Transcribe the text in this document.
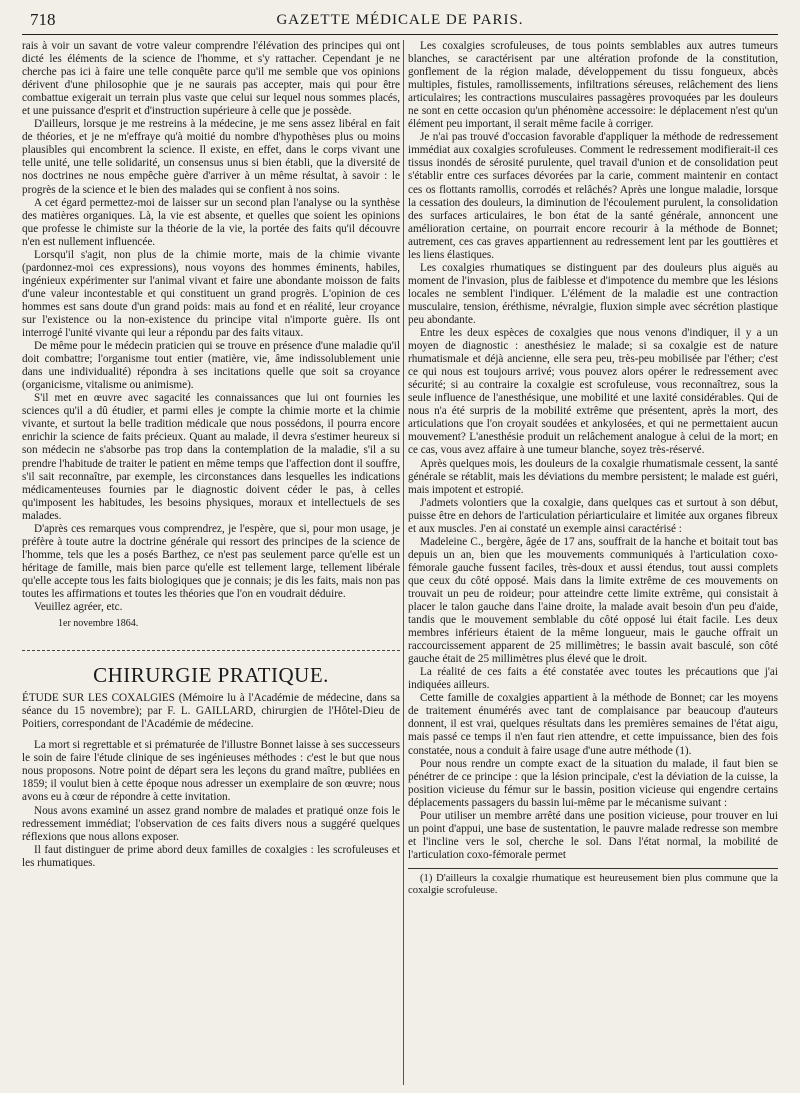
718	GAZETTE MÉDICALE DE PARIS.

rais à voir un savant de votre valeur comprendre l'élévation des principes qui ont dicté les éléments de la science de l'homme, et s'y rattacher. Cependant je ne cherche pas ici à faire une telle conquête parce qu'il me semble que vos opinions dérivent d'une philosophie que je ne saurais pas accepter, mais qui pour être combattue exigerait un terrain plus vaste que celui sur lequel nous sommes placés, et une puissance d'esprit et d'instruction supérieure à celle que je possède.

D'ailleurs, lorsque je me restreins à la médecine, je me sens assez libéral en fait de théories, et je ne m'effraye qu'à moitié du nombre d'hypothèses plus ou moins plausibles qui encombrent la science. Il existe, en effet, dans le corps vivant une telle unité, une telle solidarité, un consensus unus si bien établi, que la diversité de nos doctrines ne nous empêche guère d'arriver à un même résultat, à savoir : le progrès de la science et le bien des malades qui se confient à nos soins.

A cet égard permettez-moi de laisser sur un second plan l'analyse ou la synthèse des matières organiques. Là, la vie est absente, et quelles que soient les opinions que professe le chimiste sur la théorie de la vie, la portée des faits qu'il découvre n'en est nullement influencée.

Lorsqu'il s'agit, non plus de la chimie morte, mais de la chimie vivante (pardonnez-moi ces expressions), nous voyons des hommes éminents, habiles, ingénieux expérimenter sur l'animal vivant et faire une abondante moisson de faits d'une valeur incontestable et qui constituent un grand progrès. L'opinion de ces hommes est sans doute d'un grand poids: mais au fond et en réalité, leur croyance sur l'existence ou la non-existence du principe vital n'importe guère. Ils ont interrogé l'unité vivante qui leur a répondu par des faits vitaux.

De même pour le médecin praticien qui se trouve en présence d'une maladie qu'il doit combattre; l'organisme tout entier (matière, vie, âme indissolublement unie dans une individualité) répondra à ses incitations quelle que soit sa croyance (organicisme, vitalisme ou animisme).

S'il met en œuvre avec sagacité les connaissances que lui ont fournies les sciences qu'il a dû étudier, et parmi elles je compte la chimie morte et la chimie vivante, et surtout la belle tradition médicale que nous possédons, il pourra encore enrichir la science de faits précieux. Quant au malade, il devra s'estimer heureux si son médecin ne s'absorbe pas trop dans la contemplation de la maladie, s'il a su prendre l'habitude de traiter le patient en même temps que l'affection dont il souffre, s'il sait reconnaître, par exemple, les circonstances dans lesquelles les indications médicamenteuses fournies par le diagnostic doivent céder le pas, à celles qu'imposent les habitudes, les besoins physiques, moraux et intellectuels de ses malades.

D'après ces remarques vous comprendrez, je l'espère, que si, pour mon usage, je préfère à toute autre la doctrine générale qui ressort des principes de la science de l'homme, tels que les a posés Barthez, ce n'est pas seulement parce qu'elle est un héritage de famille, mais bien parce qu'elle est tellement large, tellement libérale qu'elle accepte tous les faits biologiques que je connais; je dis les faits, mais non pas toutes les affirmations et toutes les théories que l'on en voudrait déduire.

Veuillez agréer, etc.

1er novembre 1864.
CHIRURGIE PRATIQUE.

ÉTUDE SUR LES COXALGIES (Mémoire lu à l'Académie de médecine, dans sa séance du 15 novembre); par F. L. GAILLARD, chirurgien de l'Hôtel-Dieu de Poitiers, correspondant de l'Académie de médecine.

La mort si regrettable et si prématurée de l'illustre Bonnet laisse à ses successeurs le soin de faire l'étude clinique de ses ingénieuses méthodes : c'est le but que nous nous proposons. Notre point de départ sera les leçons du grand maître, publiées en 1859; il voulut bien à cette époque nous adresser un exemplaire de son œuvre; nous avons eu à cœur de répondre à cette invitation.

Nous avons examiné un assez grand nombre de malades et pratiqué onze fois le redressement immédiat; l'observation de ces faits divers nous a suggéré quelques réflexions que nous allons exposer.

Il faut distinguer de prime abord deux familles de coxalgies : les scrofuleuses et les rhumatiques.

Les coxalgies scrofuleuses, de tous points semblables aux autres tumeurs blanches, se caractérisent par une altération profonde de la constitution, gonflement de la région malade, développement du tissu fongueux, abcès multiples, fistules, ramollissements, infiltrations séreuses, relâchement des liens articulaires; les contractions musculaires passagères provoquées par les douleurs ne sont en cette occasion qu'un phénomène accessoire: le déplacement n'est qu'un élément peu important, il serait même facile à corriger.

Je n'ai pas trouvé d'occasion favorable d'appliquer la méthode de redressement immédiat aux coxalgies scrofuleuses. Comment le redressement modifierait-il ces tissus inondés de sérosité purulente, quel travail d'union et de consolidation peut s'établir entre ces surfaces dévorées par la carie, comment maintenir en contact ces os flottants ramollis, corrodés et relâchés? Après une longue maladie, lorsque la cessation des douleurs, la diminution de l'écoulement purulent, la consolidation des surfaces articulaires, le bon état de la santé générale, annoncent une amélioration certaine, on pourrait encore recourir à la méthode de Bonnet; autrement, ces cas graves appartiennent au redressement lent par les gouttières et les liens élastiques.

Les coxalgies rhumatiques se distinguent par des douleurs plus aiguës au moment de l'invasion, plus de faiblesse et d'impotence du membre que les lésions locales ne semblent l'indiquer. L'élément de la maladie est une contraction musculaire, tension, éréthisme, névralgie, fluxion simple avec sécrétion plastique peu abondante.

Entre les deux espèces de coxalgies que nous venons d'indiquer, il y a un moyen de diagnostic : anesthésiez le malade; si sa coxalgie est de nature rhumatismale et déjà ancienne, elle sera peu, très-peu mobilisée par l'éther; c'est ce qui nous est toujours arrivé; vous pouvez alors opérer le redressement avec sécurité; si au contraire la coxalgie est scrofuleuse, vous reconnaîtrez, sous la seule influence de l'anesthésique, une mobilité et une laxité considérables. Qui de nous n'a été surpris de la mobilité extrême que présentent, après la mort, des articulations que l'on croyait soudées et ankylosées, et qui ne permettaient aucun mouvement? L'anesthésie produit un relâchement analogue à celui de la mort; en ce cas, vous avez affaire à une tumeur blanche, soyez très-réservé.

Après quelques mois, les douleurs de la coxalgie rhumatismale cessent, la santé générale se rétablit, mais les déviations du membre persistent; le malade est guéri, mais impotent et estropié.

J'admets volontiers que la coxalgie, dans quelques cas et surtout à son début, puisse être en dehors de l'articulation périarticulaire et limitée aux organes fibreux et aux muscles. J'en ai constaté un exemple ainsi caractérisé :

Madeleine C., bergère, âgée de 17 ans, souffrait de la hanche et boitait tout bas depuis un an, bien que les mouvements communiqués à l'articulation coxo-fémorale gauche fussent faciles, très-doux et aussi étendus, tout aussi complets que ceux du côté opposé. Mais dans la limite extrême de ces mouvements on trouvait un peu de roideur; pour atteindre cette limite extrême, qui consistait à placer le talon gauche dans l'aine droite, la malade avait besoin d'un peu d'aide, tandis que le mouvement semblable du côté opposé lui était facile. Les deux membres inférieurs étaient de la même longueur, mais le gauche offrait un raccourcissement apparent de 25 millimètres; le bassin avait basculé, son côté gauche était de 25 millimètres plus élevé que le droit.

La réalité de ces faits a été constatée avec toutes les précautions que j'ai indiquées ailleurs.

Cette famille de coxalgies appartient à la méthode de Bonnet; car les moyens de traitement énumérés avec tant de complaisance par beaucoup d'auteurs donnent, il est vrai, quelques résultats dans les premières semaines de l'état aigu, mais passé ce temps il n'en faut rien attendre, et cette impuissance, bien des fois constatée, nous a conduit à faire usage d'une autre méthode (1).

Pour nous rendre un compte exact de la situation du malade, il faut bien se pénétrer de ce principe : que la lésion principale, c'est la déviation de la cuisse, la position vicieuse du fémur sur le bassin, position vicieuse qui engendre certains déplacements passagers du bassin lui-même par le mécanisme suivant :

Pour utiliser un membre arrêté dans une position vicieuse, pour trouver en lui un point d'appui, une base de sustentation, le pauvre malade redresse son membre et l'incline vers le sol, cherche le sol. Dans l'état normal, la mobilité de l'articulation coxo-fémorale permet

(1) D'ailleurs la coxalgie rhumatique est heureusement bien plus commune que la coxalgie scrofuleuse.
